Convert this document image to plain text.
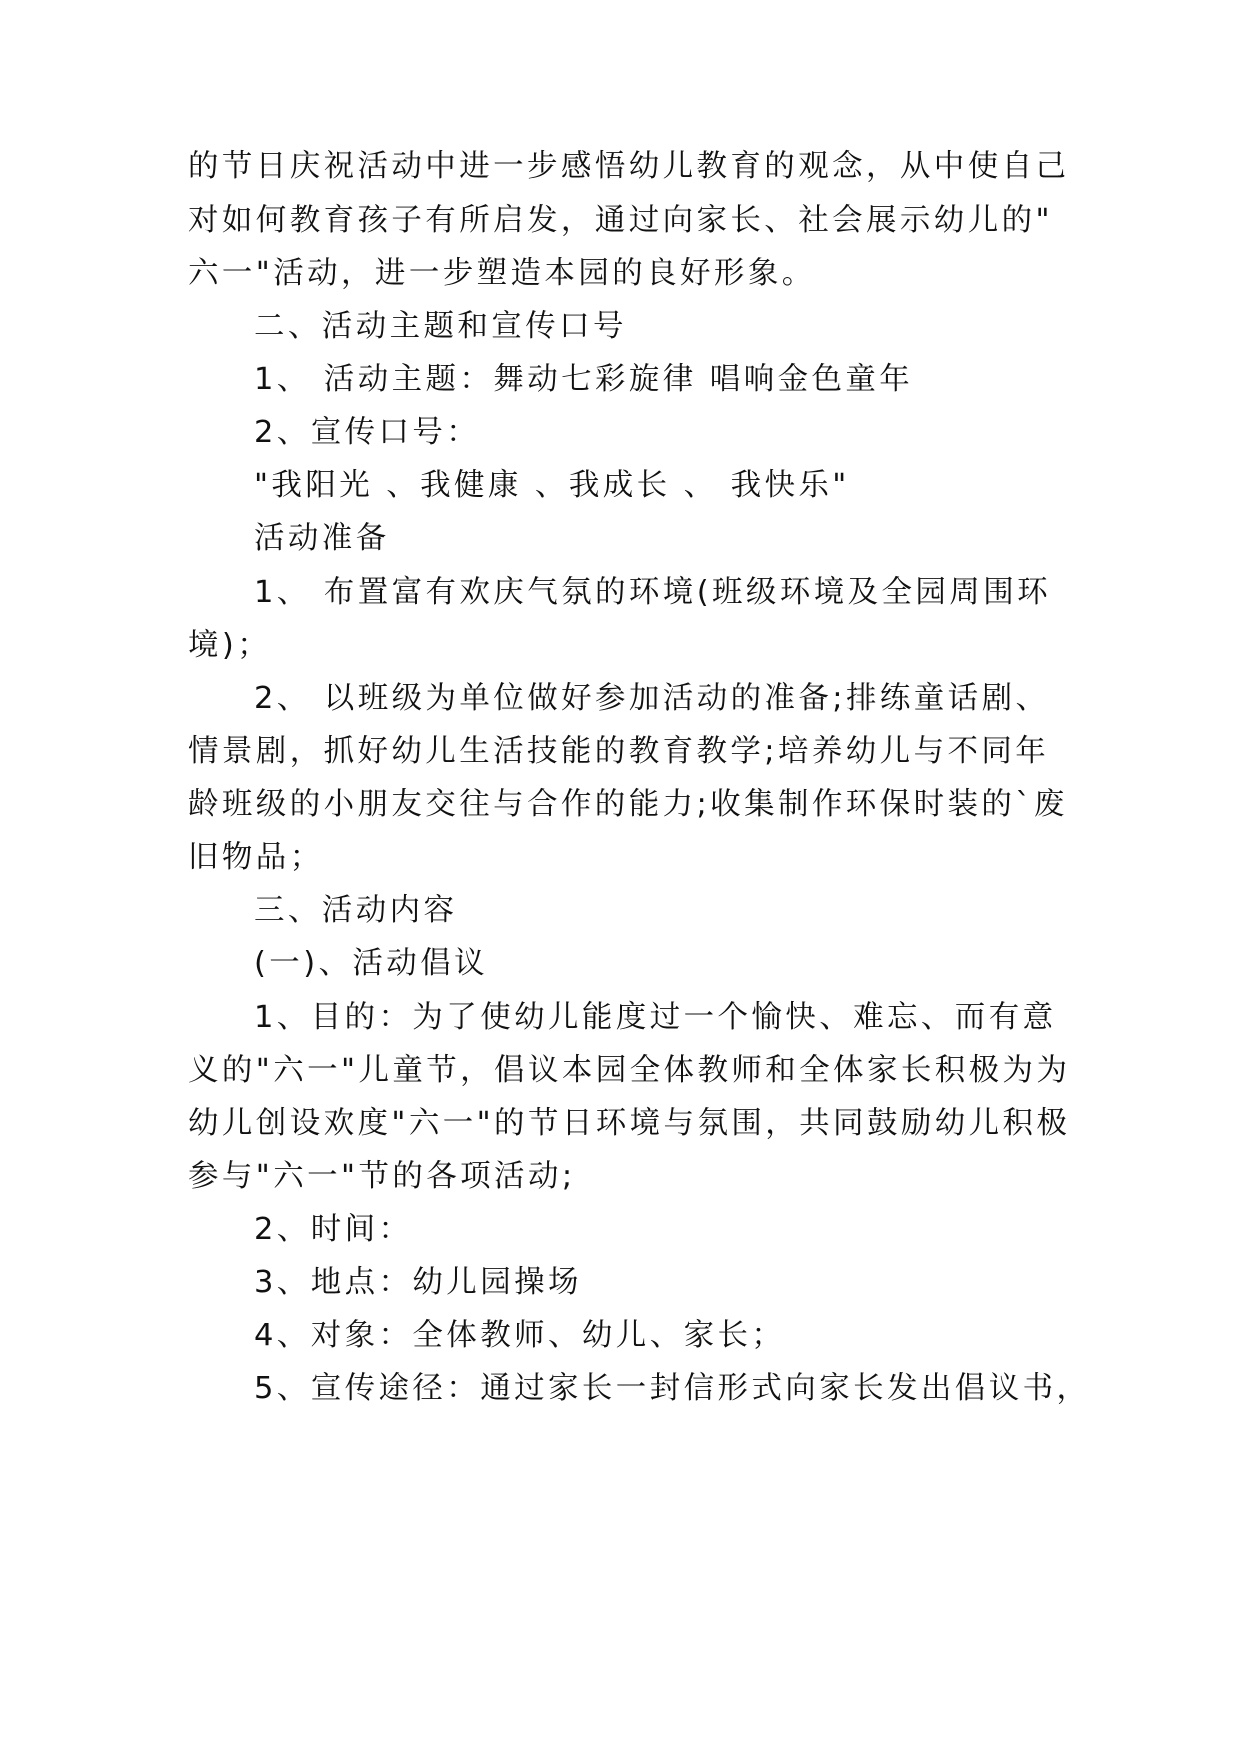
的节日庆祝活动中进一步感悟幼儿教育的观念，从中使自己
对如何教育孩子有所启发，通过向家长、社会展示幼儿的"
六一"活动，进一步塑造本园的良好形象。
二、活动主题和宣传口号
1、 活动主题：舞动七彩旋律 唱响金色童年
2、宣传口号：
"我阳光 、我健康 、我成长 、 我快乐"
活动准备
1、 布置富有欢庆气氛的环境(班级环境及全园周围环
境)；
2、 以班级为单位做好参加活动的准备;排练童话剧、
情景剧，抓好幼儿生活技能的教育教学;培养幼儿与不同年
龄班级的小朋友交往与合作的能力;收集制作环保时装的`废
旧物品；
三、活动内容
(一)、活动倡议
1、目的：为了使幼儿能度过一个愉快、难忘、而有意
义的"六一"儿童节，倡议本园全体教师和全体家长积极为为
幼儿创设欢度"六一"的节日环境与氛围，共同鼓励幼儿积极
参与"六一"节的各项活动;
2、时间：
3、地点：幼儿园操场
4、对象：全体教师、幼儿、家长；
5、宣传途径：通过家长一封信形式向家长发出倡议书，
